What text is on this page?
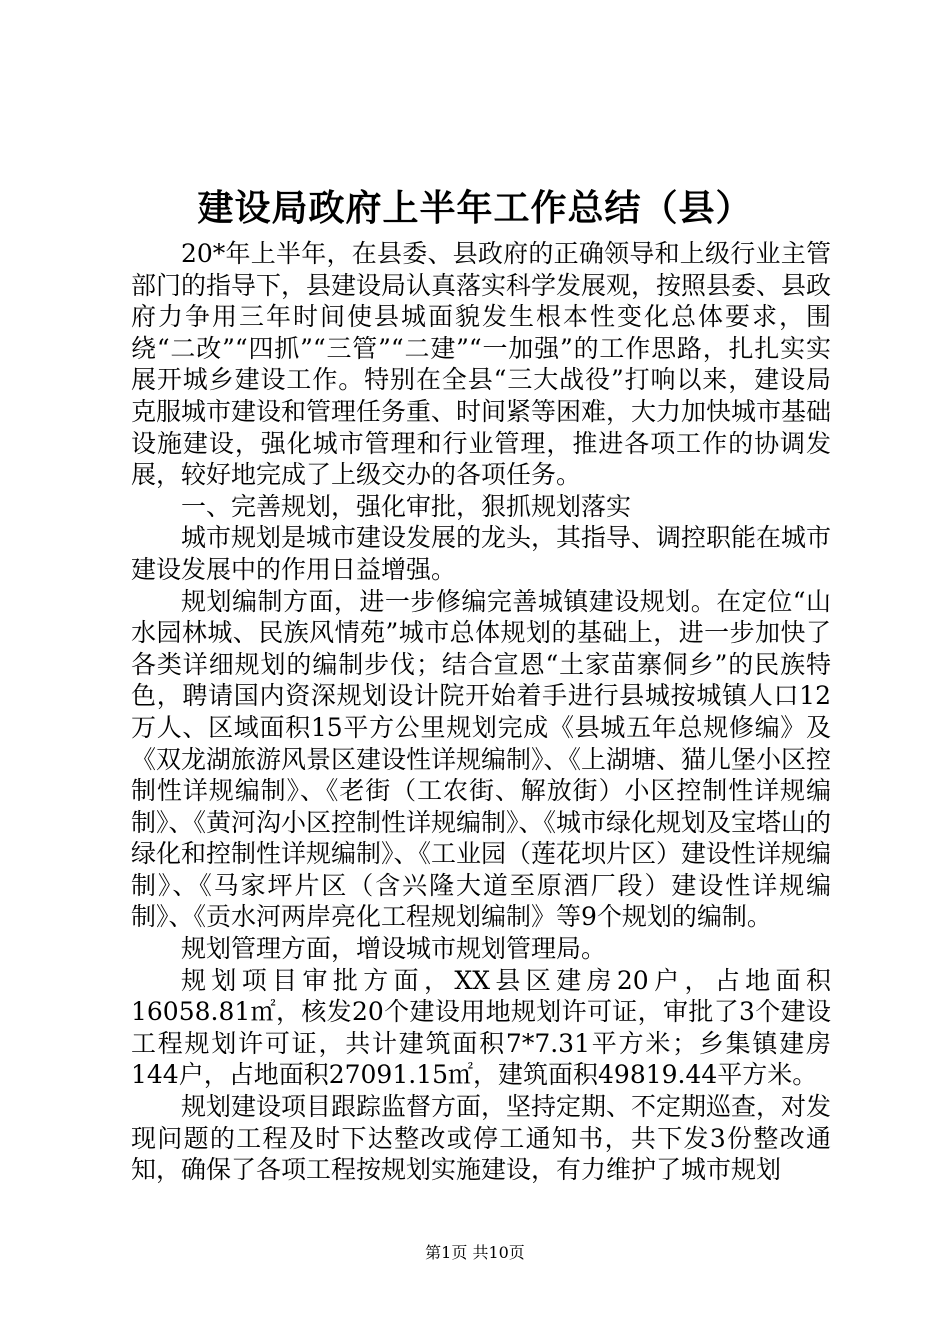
建设局政府上半年工作总结（县）

20*年上半年，在县委、县政府的正确领导和上级行业主管部门的指导下，县建设局认真落实科学发展观，按照县委、县政府力争用三年时间使县城面貌发生根本性变化总体要求，围绕“二改”“四抓”“三管”“二建”“一加强”的工作思路，扎扎实实展开城乡建设工作。特别在全县“三大战役”打响以来，建设局克服城市建设和管理任务重、时间紧等困难，大力加快城市基础设施建设，强化城市管理和行业管理，推进各项工作的协调发展，较好地完成了上级交办的各项任务。

一、完善规划，强化审批，狠抓规划落实

城市规划是城市建设发展的龙头，其指导、调控职能在城市建设发展中的作用日益增强。

规划编制方面，进一步修编完善城镇建设规划。在定位“山水园林城、民族风情苑”城市总体规划的基础上，进一步加快了各类详细规划的编制步伐；结合宣恩“土家苗寨侗乡”的民族特色，聘请国内资深规划设计院开始着手进行县城按城镇人口12万人、区域面积15平方公里规划完成《县城五年总规修编》及《双龙湖旅游风景区建设性详规编制》、《上湖塘、猫儿堡小区控制性详规编制》、《老街（工农街、解放街）小区控制性详规编制》、《黄河沟小区控制性详规编制》、《城市绿化规划及宝塔山的绿化和控制性详规编制》、《工业园（莲花坝片区）建设性详规编制》、《马家坪片区（含兴隆大道至原酒厂段）建设性详规编制》、《贡水河两岸亮化工程规划编制》等9个规划的编制。

规划管理方面，增设城市规划管理局。

规划项目审批方面，XX县区建房20户，占地面积16058.81㎡，核发20个建设用地规划许可证，审批了3个建设工程规划许可证，共计建筑面积7*7.31平方米；乡集镇建房144户，占地面积27091.15㎡，建筑面积49819.44平方米。

规划建设项目跟踪监督方面，坚持定期、不定期巡查，对发现问题的工程及时下达整改或停工通知书，共下发3份整改通知，确保了各项工程按规划实施建设，有力维护了城市规划

第1页 共10页
